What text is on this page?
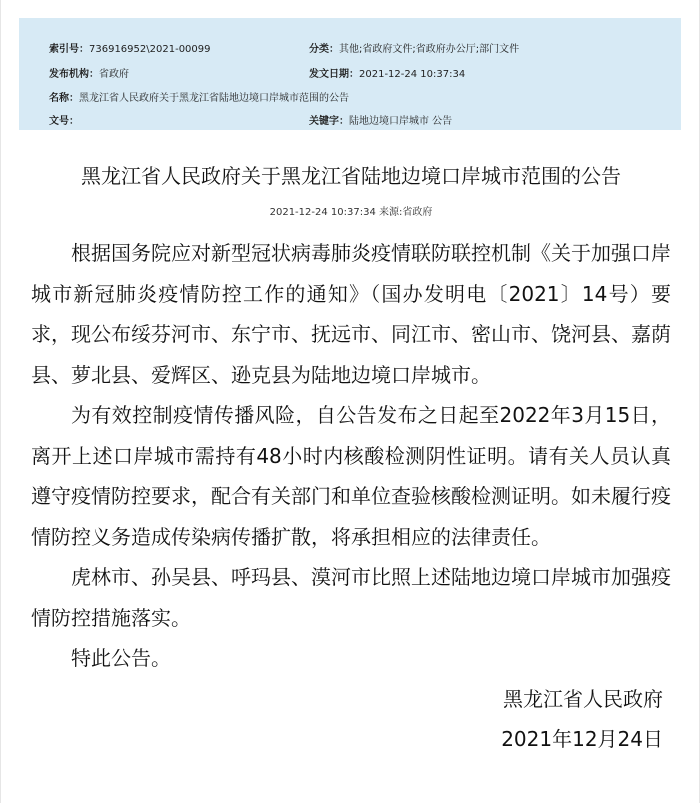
索引号：736916952\2021-00099	分类：其他;省政府文件;省政府办公厅;部门文件
发布机构：省政府	发文日期：2021-12-24 10:37:34
名称：黑龙江省人民政府关于黑龙江省陆地边境口岸城市范围的公告
文号：	关键字：陆地边境口岸城市 公告
黑龙江省人民政府关于黑龙江省陆地边境口岸城市范围的公告
2021-12-24 10:37:34 来源:省政府

根据国务院应对新型冠状病毒肺炎疫情联防联控机制《关于加强口岸城市新冠肺炎疫情防控工作的通知》（国办发明电〔2021〕14号）要求，现公布绥芬河市、东宁市、抚远市、同江市、密山市、饶河县、嘉荫县、萝北县、爱辉区、逊克县为陆地边境口岸城市。

为有效控制疫情传播风险，自公告发布之日起至2022年3月15日，离开上述口岸城市需持有48小时内核酸检测阴性证明。请有关人员认真遵守疫情防控要求，配合有关部门和单位查验核酸检测证明。如未履行疫情防控义务造成传染病传播扩散，将承担相应的法律责任。

虎林市、孙吴县、呼玛县、漠河市比照上述陆地边境口岸城市加强疫情防控措施落实。

特此公告。

黑龙江省人民政府

2021年12月24日
